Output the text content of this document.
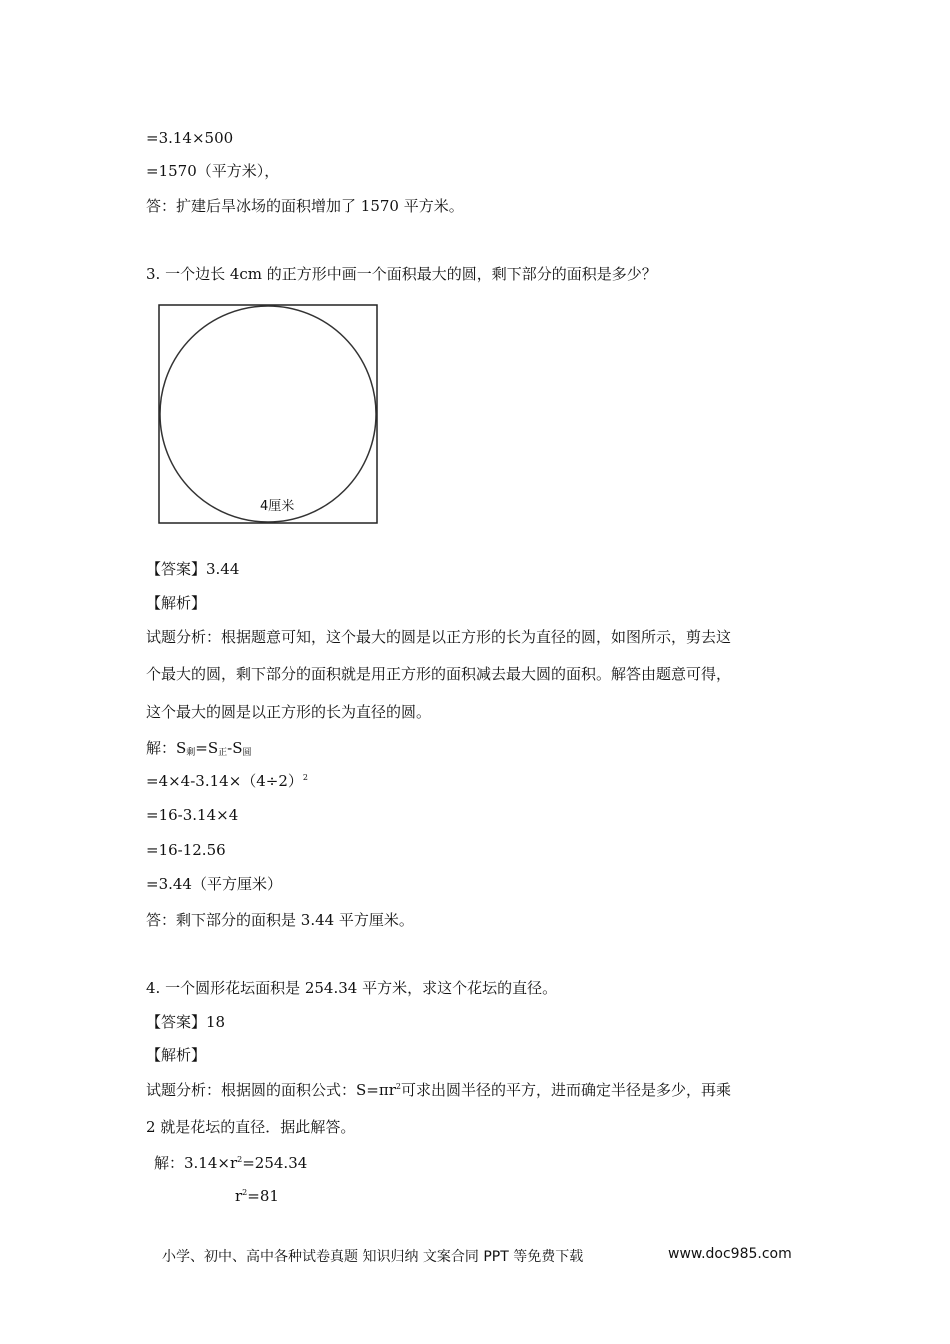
=3.14×500
=1570（平方米），
答：扩建后旱冰场的面积增加了 1570 平方米。
3. 一个边长 4cm 的正方形中画一个面积最大的圆，剩下部分的面积是多少？
4厘米
【答案】3.44
【解析】
试题分析：根据题意可知，这个最大的圆是以正方形的长为直径的圆，如图所示，剪去这
个最大的圆，剩下部分的面积就是用正方形的面积减去最大圆的面积。解答由题意可得，
这个最大的圆是以正方形的长为直径的圆。
解：$S_剩=S_正-S_圆$
$=4\times 4-3.14\times(4\div 2)^2$
=16-3.14×4
=16-12.56
=3.44（平方厘米）
答：剩下部分的面积是 3.44 平方厘米。
4. 一个圆形花坛面积是 254.34 平方米，求这个花坛的直径。
【答案】18
【解析】
试题分析：根据圆的面积公式：$S=\pi r^2$可求出圆半径的平方，进而确定半径是多少，再乘
2 就是花坛的直径．据此解答。
解：$3.14\times r^2=254.34$
$r^2=81$
小学、初中、高中各种试卷真题 知识归纳 文案合同 PPT 等免费下载	www.doc985.com
